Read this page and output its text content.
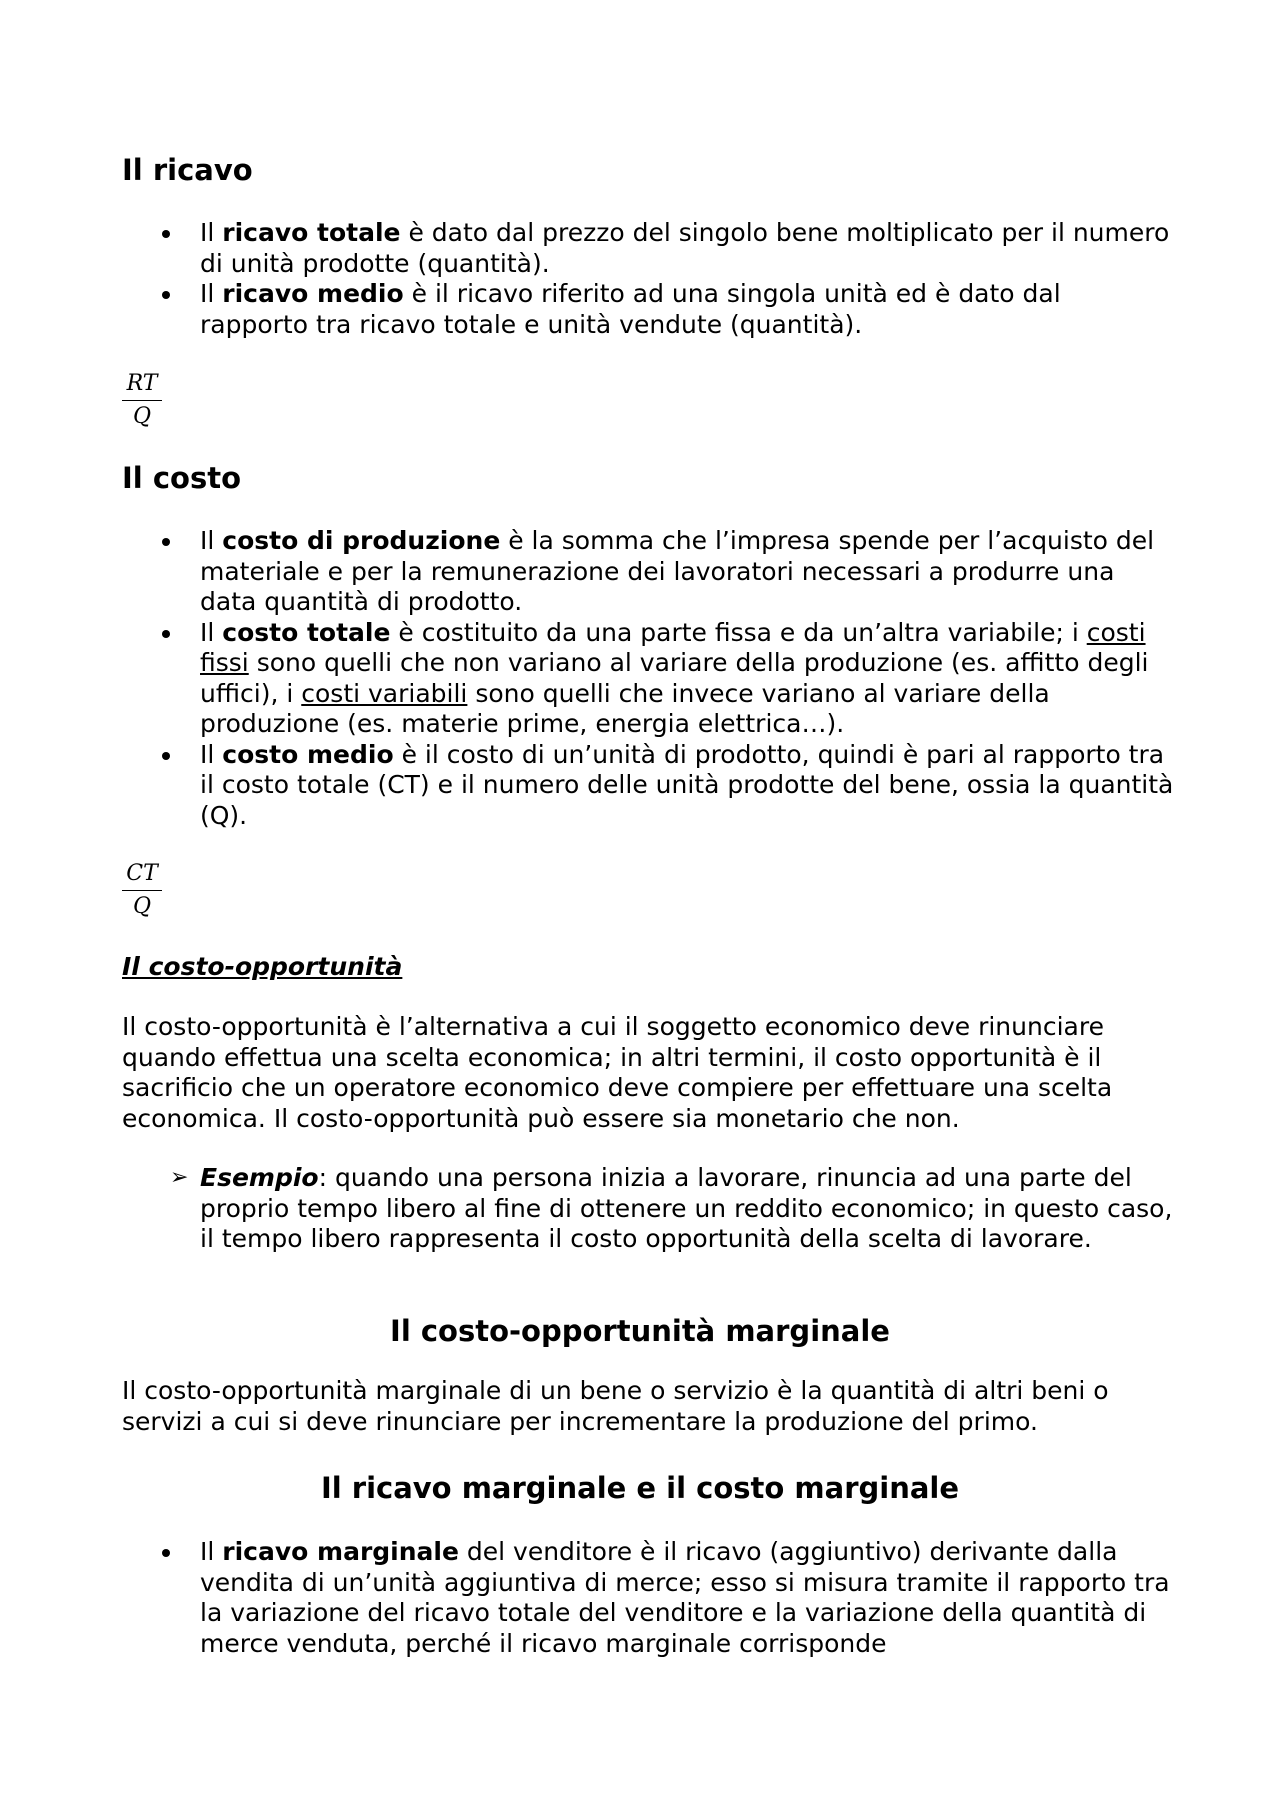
Il ricavo
Il ricavo totale è dato dal prezzo del singolo bene moltiplicato per il numero di unità prodotte (quantità).
Il ricavo medio è il ricavo riferito ad una singola unità ed è dato dal rapporto tra ricavo totale e unità vendute (quantità).
$\frac{RT}{Q}$
Il costo
Il costo di produzione è la somma che l’impresa spende per l’acquisto del materiale e per la remunerazione dei lavoratori necessari a produrre una data quantità di prodotto.
Il costo totale è costituito da una parte fissa e da un’altra variabile; i costi fissi sono quelli che non variano al variare della produzione (es. affitto degli uffici), i costi variabili sono quelli che invece variano al variare della produzione (es. materie prime, energia elettrica…).
Il costo medio è il costo di un’unità di prodotto, quindi è pari al rapporto tra il costo totale (CT) e il numero delle unità prodotte del bene, ossia la quantità (Q).
$\frac{CT}{Q}$
Il costo-opportunità

Il costo-opportunità è l’alternativa a cui il soggetto economico deve rinunciare quando effettua una scelta economica; in altri termini, il costo opportunità è il sacrificio che un operatore economico deve compiere per effettuare una scelta economica. Il costo-opportunità può essere sia monetario che non.

➢ Esempio: quando una persona inizia a lavorare, rinuncia ad una parte del proprio tempo libero al fine di ottenere un reddito economico; in questo caso, il tempo libero rappresenta il costo opportunità della scelta di lavorare.
Il costo-opportunità marginale

Il costo-opportunità marginale di un bene o servizio è la quantità di altri beni o servizi a cui si deve rinunciare per incrementare la produzione del primo.

Il ricavo marginale e il costo marginale
Il ricavo marginale del venditore è il ricavo (aggiuntivo) derivante dalla vendita di un’unità aggiuntiva di merce; esso si misura tramite il rapporto tra la variazione del ricavo totale del venditore e la variazione della quantità di merce venduta, perché il ricavo marginale corrisponde
